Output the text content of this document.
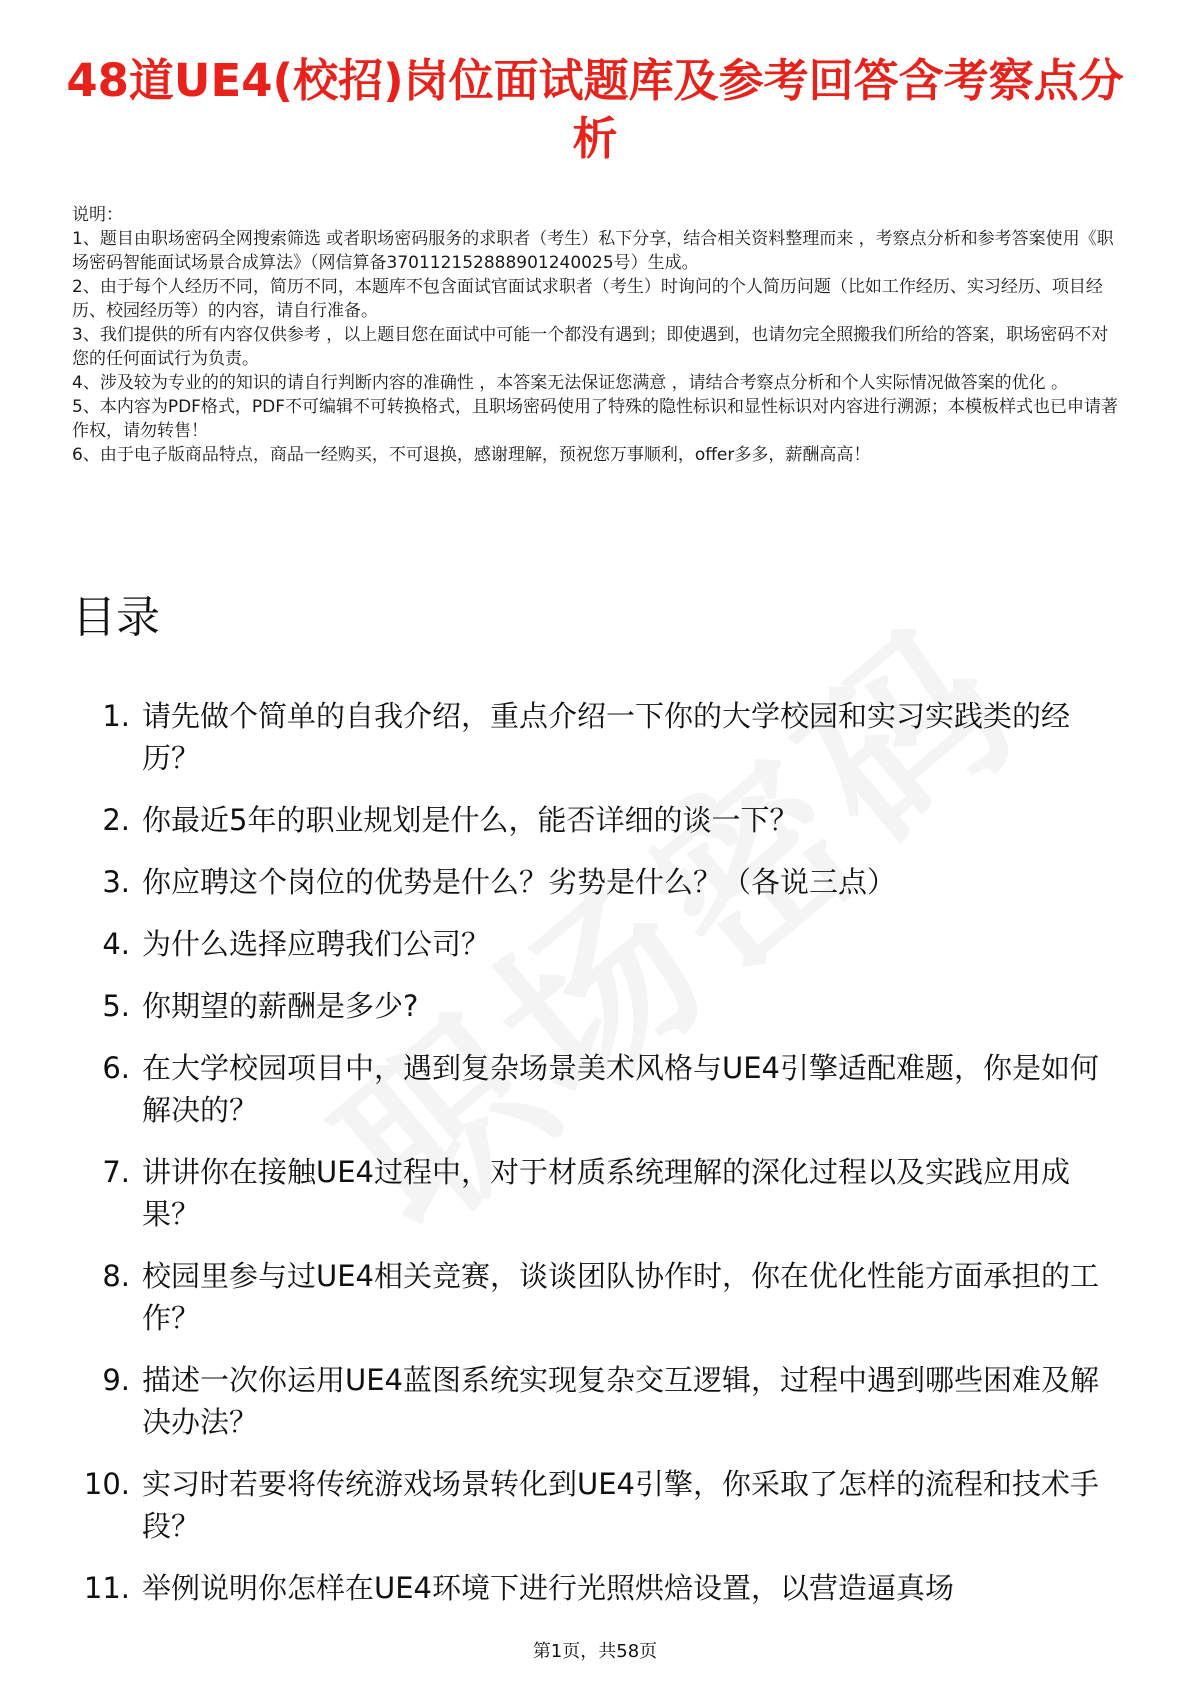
48道UE4(校招)岗位面试题库及参考回答含考察点分析
说明：
1、题目由职场密码全网搜索筛选 或者职场密码服务的求职者（考生）私下分享，结合相关资料整理而来 ，考察点分析和参考答案使用《职场密码智能面试场景合成算法》（网信算备370112152888901240025号）生成。
2、由于每个人经历不同，简历不同，本题库不包含面试官面试求职者（考生）时询问的个人简历问题（比如工作经历、实习经历、项目经历、校园经历等）的内容，请自行准备。
3、我们提供的所有内容仅供参考 ，以上题目您在面试中可能一个都没有遇到；即使遇到，也请勿完全照搬我们所给的答案，职场密码不对您的任何面试行为负责。
4、涉及较为专业的的知识的请自行判断内容的准确性 ，本答案无法保证您满意 ，请结合考察点分析和个人实际情况做答案的优化 。
5、本内容为PDF格式，PDF不可编辑不可转换格式，且职场密码使用了特殊的隐性标识和显性标识对内容进行溯源；本模板样式也已申请著作权，请勿转售！
6、由于电子版商品特点，商品一经购买，不可退换，感谢理解，预祝您万事顺利，offer多多，薪酬高高！
目录
1. 请先做个简单的自我介绍，重点介绍一下你的大学校园和实习实践类的经历？
2. 你最近5年的职业规划是什么，能否详细的谈一下？
3. 你应聘这个岗位的优势是什么？劣势是什么？（各说三点）
4. 为什么选择应聘我们公司？
5. 你期望的薪酬是多少?
6. 在大学校园项目中，遇到复杂场景美术风格与UE4引擎适配难题，你是如何解决的？
7. 讲讲你在接触UE4过程中，对于材质系统理解的深化过程以及实践应用成果？
8. 校园里参与过UE4相关竞赛，谈谈团队协作时，你在优化性能方面承担的工作？
9. 描述一次你运用UE4蓝图系统实现复杂交互逻辑，过程中遇到哪些困难及解决办法？
10. 实习时若要将传统游戏场景转化到UE4引擎，你采取了怎样的流程和技术手段？
11. 举例说明你怎样在UE4环境下进行光照烘焙设置，以营造逼真场
第1页，共58页
